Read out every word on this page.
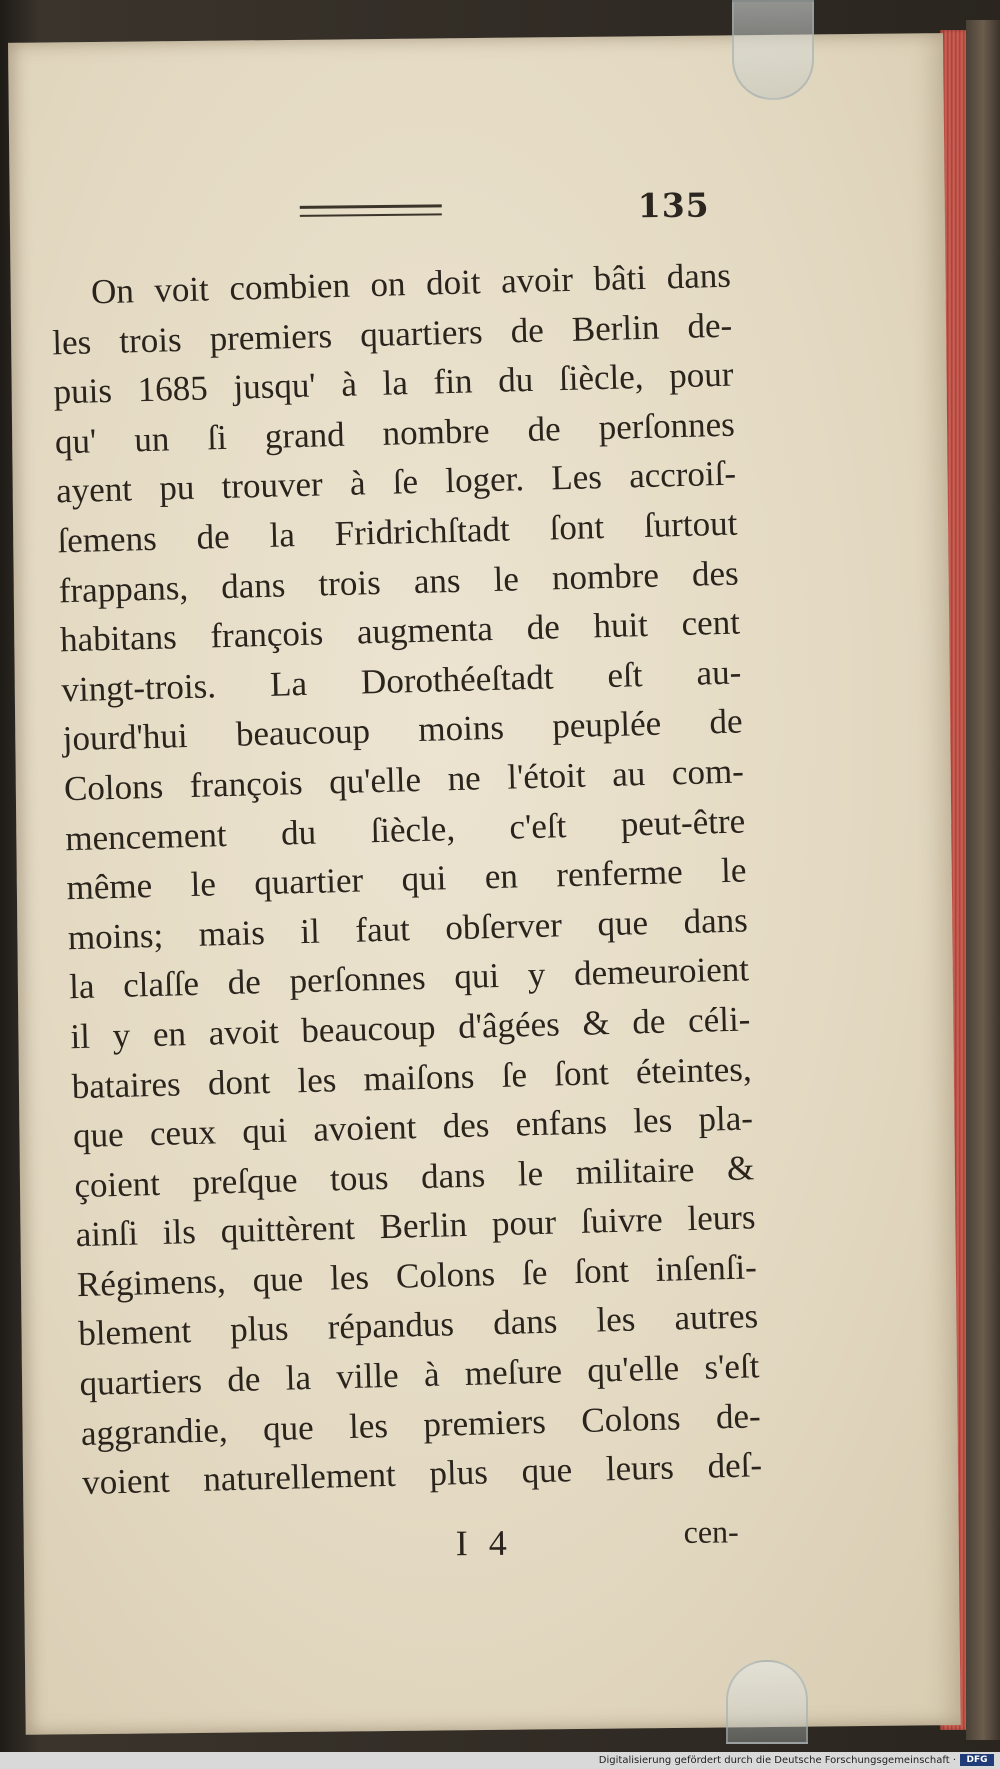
135
On voit combien on doit avoir bâti dans
les trois premiers quartiers de Berlin de-
puis 1685 jusqu' à la fin du ſiècle, pour
qu' un ſi grand nombre de perſonnes
ayent pu trouver à ſe loger. Les accroiſ-
ſemens de la Fridrichſtadt ſont ſurtout
frappans, dans trois ans le nombre des
habitans françois augmenta de huit cent
vingt-trois. La Dorothéeſtadt eſt au-
jourd'hui beaucoup moins peuplée de
Colons françois qu'elle ne l'étoit au com-
mencement du ſiècle, c'eſt peut-être
même le quartier qui en renferme le
moins; mais il faut obſerver que dans
la claſſe de perſonnes qui y demeuroient
il y en avoit beaucoup d'âgées & de céli-
bataires dont les maiſons ſe ſont éteintes,
que ceux qui avoient des enfans les pla-
çoient preſque tous dans le militaire &
ainſi ils quittèrent Berlin pour ſuivre leurs
Régimens, que les Colons ſe ſont inſenſi-
blement plus répandus dans les autres
quartiers de la ville à meſure qu'elle s'eſt
aggrandie, que les premiers Colons de-
voient naturellement plus que leurs deſ-
I 4	cen-
Digitalisierung gefördert durch die Deutsche Forschungsgemeinschaft ·	DFG
